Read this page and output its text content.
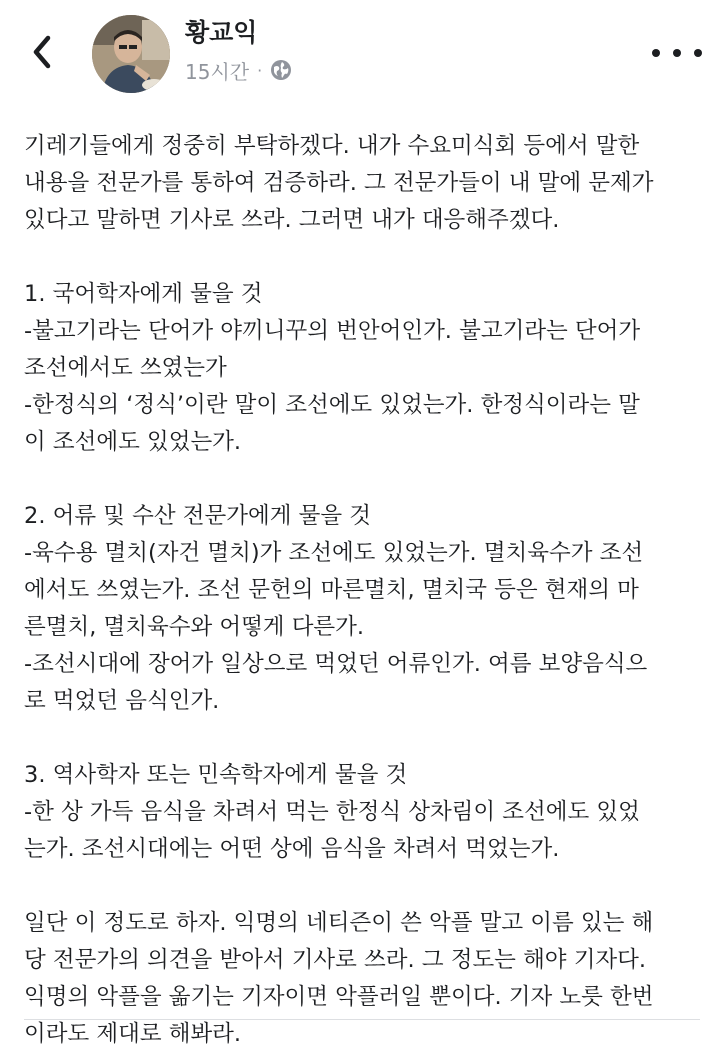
황교익
15시간 ·
기레기들에게 정중히 부탁하겠다. 내가 수요미식회 등에서 말한
내용을 전문가를 통하여 검증하라. 그 전문가들이 내 말에 문제가
있다고 말하면 기사로 쓰라. 그러면 내가 대응해주겠다.
1. 국어학자에게 물을 것
-불고기라는 단어가 야끼니꾸의 번안어인가. 불고기라는 단어가
조선에서도 쓰였는가
-한정식의 ‘정식’이란 말이 조선에도 있었는가. 한정식이라는 말
이 조선에도 있었는가.
2. 어류 및 수산 전문가에게 물을 것
-육수용 멸치(자건 멸치)가 조선에도 있었는가. 멸치육수가 조선
에서도 쓰였는가. 조선 문헌의 마른멸치, 멸치국 등은 현재의 마
른멸치, 멸치육수와 어떻게 다른가.
-조선시대에 장어가 일상으로 먹었던 어류인가. 여름 보양음식으
로 먹었던 음식인가.
3. 역사학자 또는 민속학자에게 물을 것
-한 상 가득 음식을 차려서 먹는 한정식 상차림이 조선에도 있었
는가. 조선시대에는 어떤 상에 음식을 차려서 먹었는가.
일단 이 정도로 하자. 익명의 네티즌이 쓴 악플 말고 이름 있는 해
당 전문가의 의견을 받아서 기사로 쓰라. 그 정도는 해야 기자다.
익명의 악플을 옮기는 기자이면 악플러일 뿐이다. 기자 노릇 한번
이라도 제대로 해봐라.
